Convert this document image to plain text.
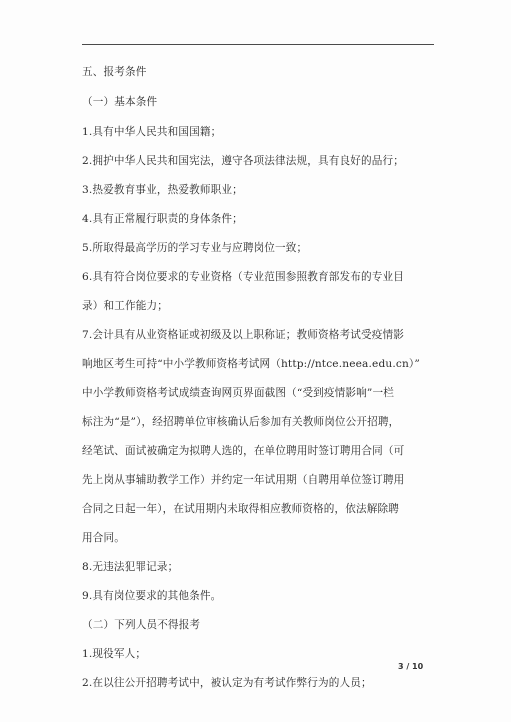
五、报考条件
（一）基本条件
1.具有中华人民共和国国籍；
2.拥护中华人民共和国宪法，遵守各项法律法规，具有良好的品行；
3.热爱教育事业，热爱教师职业；
4.具有正常履行职责的身体条件；
5.所取得最高学历的学习专业与应聘岗位一致；
6.具有符合岗位要求的专业资格（专业范围参照教育部发布的专业目
录）和工作能力；
7.会计具有从业资格证或初级及以上职称证；教师资格考试受疫情影
响地区考生可持“中小学教师资格考试网（http://ntce.neea.edu.cn）”
中小学教师资格考试成绩查询网页界面截图（“受到疫情影响”一栏
标注为“是”），经招聘单位审核确认后参加有关教师岗位公开招聘，
经笔试、面试被确定为拟聘人选的，在单位聘用时签订聘用合同（可
先上岗从事辅助教学工作）并约定一年试用期（自聘用单位签订聘用
合同之日起一年），在试用期内未取得相应教师资格的，依法解除聘
用合同。
8.无违法犯罪记录；
9.具有岗位要求的其他条件。
（二）下列人员不得报考
1.现役军人；
2.在以往公开招聘考试中，被认定为有考试作弊行为的人员；
3 / 10
